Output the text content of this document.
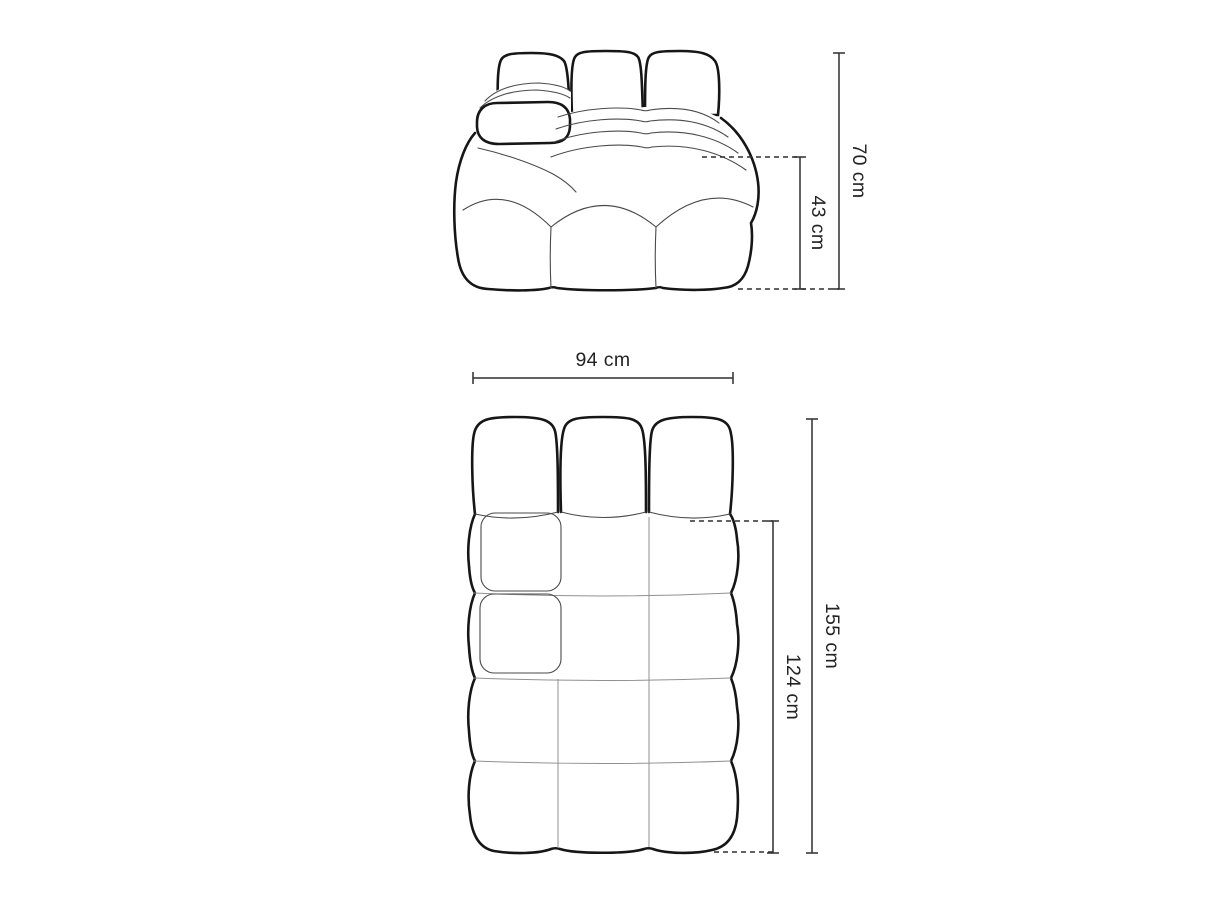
43 cm
70 cm
94 cm
124 cm
155 cm
